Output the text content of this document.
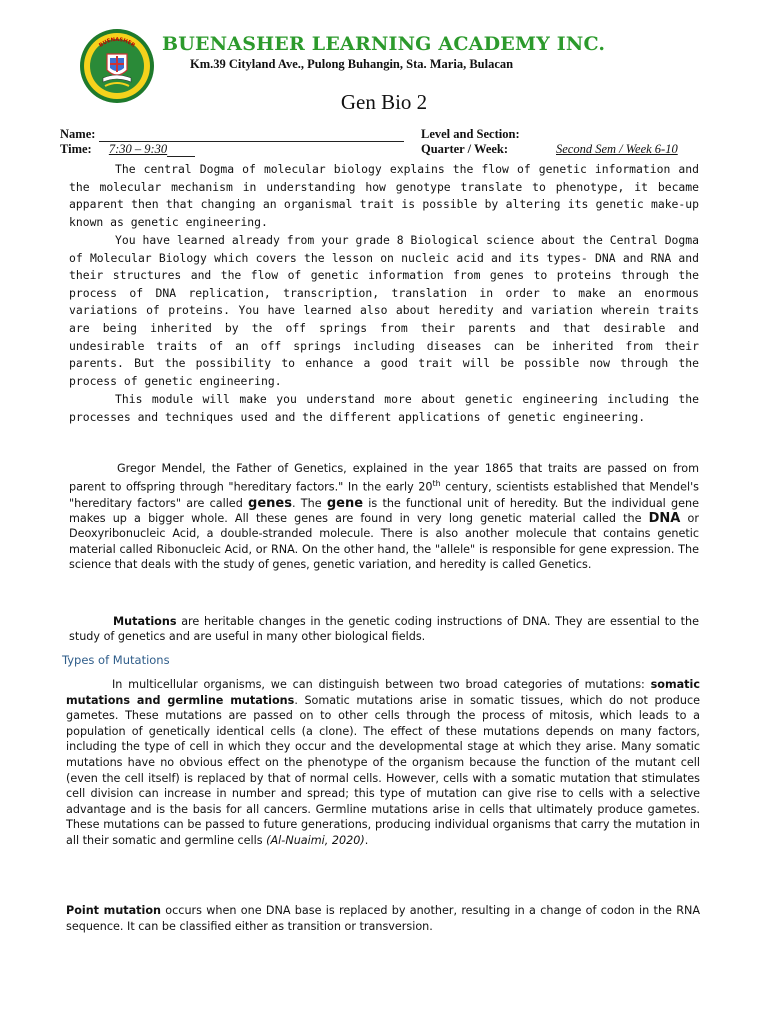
BUENASHER BUENASHER LEARNING ACADEMY INC.
Km.39 Cityland Ave., Pulong Buhangin, Sta. Maria, Bulacan
Gen Bio 2
Name:	Level and Section:
Time: 7:30 – 9:30	Quarter / Week:	Second Sem / Week 6-10

The central Dogma of molecular biology explains the flow of genetic information and the molecular mechanism in understanding how genotype translate to phenotype, it became apparent then that changing an organismal trait is possible by altering its genetic make-up known as genetic engineering.

You have learned already from your grade 8 Biological science about the Central Dogma of Molecular Biology which covers the lesson on nucleic acid and its types- DNA and RNA and their structures and the flow of genetic information from genes to proteins through the process of DNA replication, transcription, translation in order to make an enormous variations of proteins. You have learned also about heredity and variation wherein traits are being inherited by the off springs from their parents and that desirable and undesirable traits of an off springs including diseases can be inherited from their parents. But the possibility to enhance a good trait will be possible now through the process of genetic engineering.

This module will make you understand more about genetic engineering including the processes and techniques used and the different applications of genetic engineering.

Gregor Mendel, the Father of Genetics, explained in the year 1865 that traits are passed on from parent to offspring through "hereditary factors." In the early 20th century, scientists established that Mendel's "hereditary factors" are called genes. The gene is the functional unit of heredity. But the individual gene makes up a bigger whole. All these genes are found in very long genetic material called the DNA or Deoxyribonucleic Acid, a double-stranded molecule. There is also another molecule that contains genetic material called Ribonucleic Acid, or RNA. On the other hand, the "allele" is responsible for gene expression. The science that deals with the study of genes, genetic variation, and heredity is called Genetics.

Mutations are heritable changes in the genetic coding instructions of DNA. They are essential to the study of genetics and are useful in many other biological fields.

Types of Mutations

In multicellular organisms, we can distinguish between two broad categories of mutations: somatic mutations and germline mutations. Somatic mutations arise in somatic tissues, which do not produce gametes. These mutations are passed on to other cells through the process of mitosis, which leads to a population of genetically identical cells (a clone). The effect of these mutations depends on many factors, including the type of cell in which they occur and the developmental stage at which they arise. Many somatic mutations have no obvious effect on the phenotype of the organism because the function of the mutant cell (even the cell itself) is replaced by that of normal cells. However, cells with a somatic mutation that stimulates cell division can increase in number and spread; this type of mutation can give rise to cells with a selective advantage and is the basis for all cancers. Germline mutations arise in cells that ultimately produce gametes. These mutations can be passed to future generations, producing individual organisms that carry the mutation in all their somatic and germline cells (Al-Nuaimi, 2020).

Point mutation occurs when one DNA base is replaced by another, resulting in a change of codon in the RNA sequence. It can be classified either as transition or transversion.
